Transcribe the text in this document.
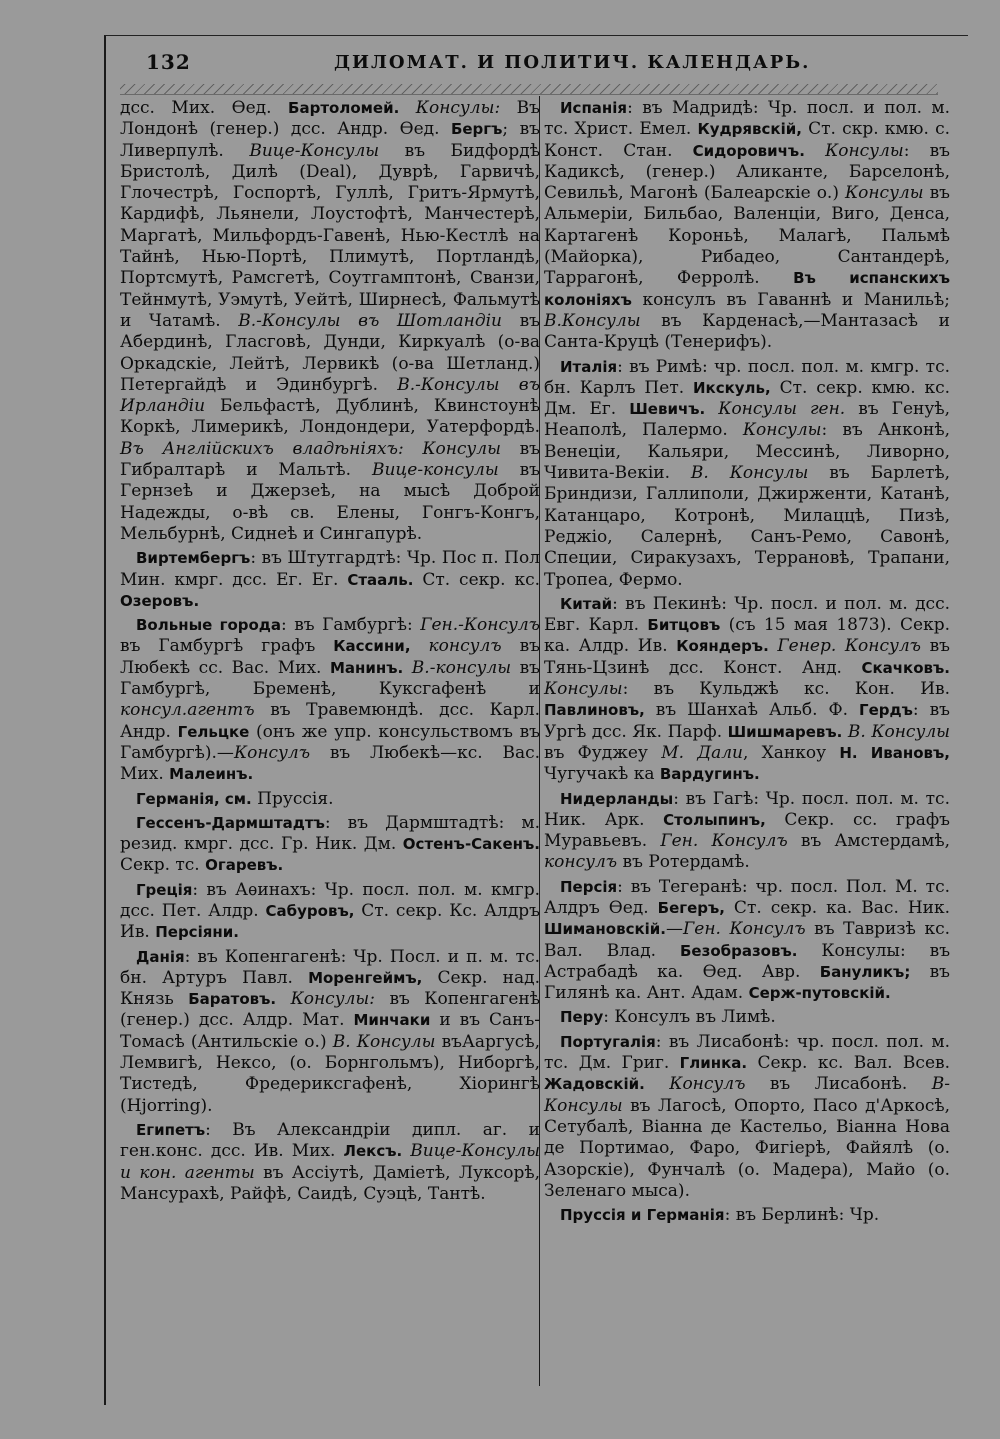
132	ДИЛОМАТ. И ПОЛИТИЧ. КАЛЕНДАРЬ.

дсс. Мих. Ѳед. Бартоломей. Консулы: Въ Лондонѣ (генер.) дсс. Андр. Ѳед. Бергъ; въ Ливерпулѣ. Вице-Консулы въ Бидфордѣ Бристолѣ, Дилѣ (Deal), Дуврѣ, Гарвичѣ, Глочестрѣ, Госпортѣ, Гуллѣ, Гритъ-Ярмутѣ, Кардифѣ, Льянели, Лоустофтѣ, Манчестерѣ, Маргатѣ, Мильфордъ-Гавенѣ, Нью-Кестлѣ на Тайнѣ, Нью-Портѣ, Плимутѣ, Портландѣ, Портсмутѣ, Рамсгетѣ, Соутгамптонѣ, Сванзи, Тейнмутѣ, Уэмутѣ, Уейтѣ, Ширнесѣ, Фальмутѣ и Чатамѣ. В.-Консулы въ Шотландіи въ Абердинѣ, Гласговѣ, Дунди, Киркуалѣ (о-ва Оркадскіе, Лейтѣ, Лервикѣ (о-ва Шетланд.) Петергайдѣ и Эдинбургѣ. В.-Консулы въ Ирландіи Бельфастѣ, Дублинѣ, Квинстоунѣ Коркѣ, Лимерикѣ, Лондондери, Уатерфордѣ. Въ Англійскихъ владѣніяхъ: Консулы въ Гибралтарѣ и Мальтѣ. Вице-консулы въ Гернзеѣ и Джерзеѣ, на мысѣ Доброй Надежды, о-вѣ св. Елены, Гонгъ-Конгъ, Мельбурнѣ, Сиднеѣ и Сингапурѣ.

Виртембергъ: въ Штутгардтѣ: Чр. Пос п. Пол Мин. кмрг. дсс. Ег. Ег. Стааль. Ст. секр. кс. Озеровъ.

Вольные города: въ Гамбургѣ: Ген.-Консулъ въ Гамбургѣ графъ Кассини, консулъ въ Любекѣ сс. Вас. Мих. Манинъ. В.-консулы въ Гамбургѣ, Бременѣ, Куксгафенѣ и консул.агентъ въ Травемюндѣ. дсс. Карл. Андр. Гельцке (онъ же упр. консульствомъ въ Гамбургѣ).—Консулъ въ Любекѣ—кс. Вас. Мих. Малеинъ.

Германія, см. Пруссія.

Гессенъ-Дармштадтъ: въ Дармштадтѣ: м. резид. кмрг. дсс. Гр. Ник. Дм. Остенъ-Сакенъ. Секр. тс. Огаревъ.

Греція: въ Аѳинахъ: Чр. посл. пол. м. кмгр. дсс. Пет. Алдр. Сабуровъ, Ст. секр. Кс. Алдръ Ив. Персіяни.

Данія: въ Копенгагенѣ: Чр. Посл. и п. м. тс. бн. Артуръ Павл. Моренгеймъ, Секр. над. Князь Баратовъ. Консулы: въ Копенгагенѣ (генер.) дсс. Алдр. Мат. Минчаки и въ Санъ-Томасѣ (Антильскіе о.) В. Консулы въАаргусѣ, Лемвигѣ, Нексо, (о. Борнгольмъ), Ниборгѣ, Тистедѣ, Фредериксгафенѣ, Хіорингѣ (Hjorring).

Египетъ: Въ Александріи дипл. аг. и ген.конс. дсс. Ив. Мих. Лексъ. Вице-Консулы и кон. агенты въ Ассіутѣ, Даміетѣ, Луксорѣ, Мансурахѣ, Райфѣ, Саидѣ, Суэцѣ, Тантѣ.

Испанія: въ Мадридѣ: Чр. посл. и пол. м. тс. Христ. Емел. Кудрявскій, Ст. скр. кмю. с. Конст. Стан. Сидоровичъ. Консулы: въ Кадиксѣ, (генер.) Аликанте, Барселонѣ, Севильѣ, Магонѣ (Балеарскіе о.) Консулы въ Альмеріи, Бильбао, Валенціи, Виго, Денса, Картагенѣ Короньѣ, Малагѣ, Пальмѣ (Майорка), Рибадео, Сантандерѣ, Таррагонѣ, Ферролѣ. Въ испанскихъ колоніяхъ консулъ въ Гаваннѣ и Манильѣ; В.Консулы въ Карденасѣ,—Мантазасѣ и Санта-Круцѣ (Тенерифъ).

Италія: въ Римѣ: чр. посл. пол. м. кмгр. тс. бн. Карлъ Пет. Икскуль, Ст. секр. кмю. кс. Дм. Ег. Шевичъ. Консулы ген. въ Генуѣ, Неаполѣ, Палермо. Консулы: въ Анконѣ, Венеціи, Кальяри, Мессинѣ, Ливорно, Чивита-Векіи. В. Консулы въ Барлетѣ, Бриндизи, Галлиполи, Джирженти, Катанѣ, Катанцаро, Котронѣ, Милаццѣ, Пизѣ, Реджіо, Салернѣ, Санъ-Ремо, Савонѣ, Специи, Сиракузахъ, Террановѣ, Трапани, Тропеа, Фермо.

Китай: въ Пекинѣ: Чр. посл. и пол. м. дсс. Евг. Карл. Битцовъ (съ 15 мая 1873). Секр. ка. Алдр. Ив. Кояндеръ. Генер. Консулъ въ Тянь-Цзинѣ дсс. Конст. Анд. Скачковъ. Консулы: въ Кульджѣ кс. Кон. Ив. Павлиновъ, въ Шанхаѣ Альб. Ф. Гердъ: въ Ургѣ дсс. Як. Парф. Шишмаревъ. В. Консулы въ Фуджеу М. Дали, Ханкоу Н. Ивановъ, Чугучакѣ ка Вардугинъ.

Нидерланды: въ Гагѣ: Чр. посл. пол. м. тс. Ник. Арк. Столыпинъ, Секр. сс. графъ Муравьевъ. Ген. Консулъ въ Амстердамѣ, консулъ въ Ротердамѣ.

Персія: въ Тегеранѣ: чр. посл. Пол. М. тс. Алдръ Ѳед. Бегеръ, Ст. секр. ка. Вас. Ник. Шимановскій.—Ген. Консулъ въ Тавризѣ кс. Вал. Влад. Безобразовъ. Консулы: въ Астрабадѣ ка. Ѳед. Авр. Бануликъ; въ Гилянѣ ка. Ант. Адам. Серж-путовскій.

Перу: Консулъ въ Лимѣ.

Португалія: въ Лисабонѣ: чр. посл. пол. м. тс. Дм. Григ. Глинка. Секр. кс. Вал. Всев. Жадовскій. Консулъ въ Лисабонѣ. В-Консулы въ Лагосѣ, Опорто, Пасо д'Аркосѣ, Сетубалѣ, Віанна де Кастельо, Віанна Нова де Портимао, Фаро, Фигіерѣ, Файялѣ (о. Азорскіе), Фунчалѣ (о. Мадера), Майо (о. Зеленаго мыса).

Пруссія и Германія: въ Берлинѣ: Чр.
